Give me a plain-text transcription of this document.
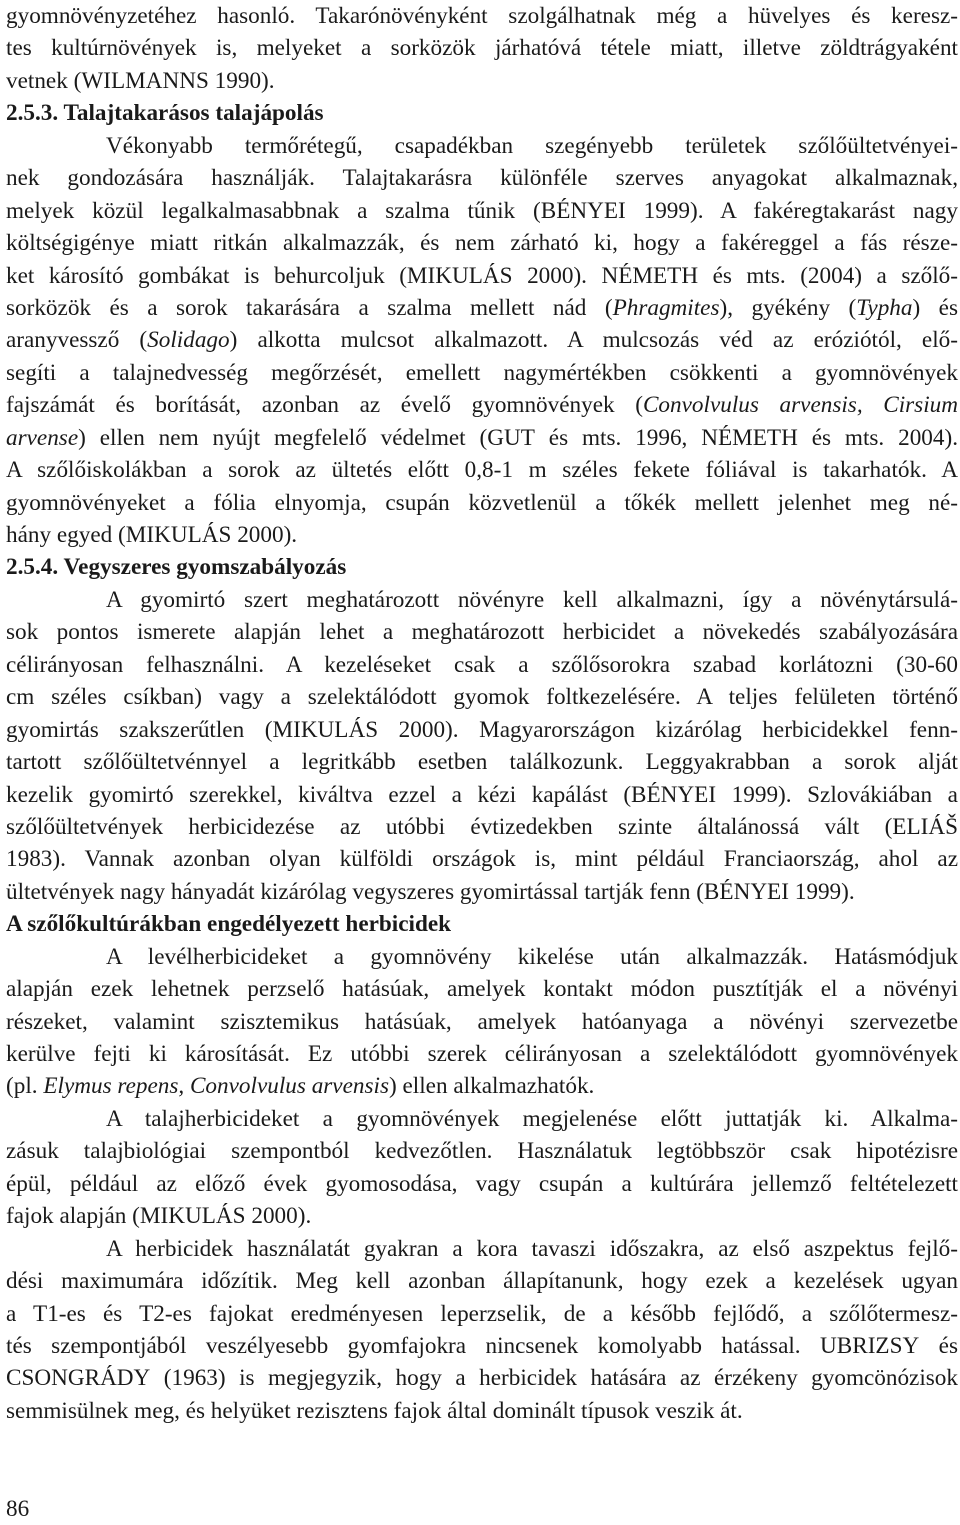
gyomnövényzetéhez hasonló. Takarónövényként szolgálhatnak még a hüvelyes és keresz-
tes kultúrnövények is, melyeket a sorközök járhatóvá tétele miatt, illetve zöldtrágyaként
vetnek (WILMANNS 1990).
2.5.3. Talajtakarásos talajápolás
Vékonyabb termőrétegű, csapadékban szegényebb területek szőlőültetvényei-
nek gondozására használják. Talajtakarásra különféle szerves anyagokat alkalmaznak,
melyek közül legalkalmasabbnak a szalma tűnik (BÉNYEI 1999). A fakéregtakarást nagy
költségigénye miatt ritkán alkalmazzák, és nem zárható ki, hogy a fakéreggel a fás része-
ket károsító gombákat is behurcoljuk (MIKULÁS 2000). NÉMETH és mts. (2004) a szőlő-
sorközök és a sorok takarására a szalma mellett nád (Phragmites), gyékény (Typha) és
aranyvessző (Solidago) alkotta mulcsot alkalmazott. A mulcsozás véd az eróziótól, elő-
segíti a talajnedvesség megőrzését, emellett nagymértékben csökkenti a gyomnövények
fajszámát és borítását, azonban az évelő gyomnövények (Convolvulus arvensis, Cirsium
arvense) ellen nem nyújt megfelelő védelmet (GUT és mts. 1996, NÉMETH és mts. 2004).
A szőlőiskolákban a sorok az ültetés előtt 0,8-1 m széles fekete fóliával is takarhatók. A
gyomnövényeket a fólia elnyomja, csupán közvetlenül a tőkék mellett jelenhet meg né-
hány egyed (MIKULÁS 2000).
2.5.4. Vegyszeres gyomszabályozás
A gyomirtó szert meghatározott növényre kell alkalmazni, így a növénytársulá-
sok pontos ismerete alapján lehet a meghatározott herbicidet a növekedés szabályozására
célirányosan felhasználni. A kezeléseket csak a szőlősorokra szabad korlátozni (30-60
cm széles csíkban) vagy a szelektálódott gyomok foltkezelésére. A teljes felületen történő
gyomirtás szakszerűtlen (MIKULÁS 2000). Magyarországon kizárólag herbicidekkel fenn-
tartott szőlőültetvénnyel a legritkább esetben találkozunk. Leggyakrabban a sorok alját
kezelik gyomirtó szerekkel, kiváltva ezzel a kézi kapálást (BÉNYEI 1999). Szlovákiában a
szőlőültetvények herbicidezése az utóbbi évtizedekben szinte általánossá vált (ELIÁŠ
1983). Vannak azonban olyan külföldi országok is, mint például Franciaország, ahol az
ültetvények nagy hányadát kizárólag vegyszeres gyomirtással tartják fenn (BÉNYEI 1999).
A szőlőkultúrákban engedélyezett herbicidek
A levélherbicideket a gyomnövény kikelése után alkalmazzák. Hatásmódjuk
alapján ezek lehetnek perzselő hatásúak, amelyek kontakt módon pusztítják el a növényi
részeket, valamint szisztemikus hatásúak, amelyek hatóanyaga a növényi szervezetbe
kerülve fejti ki károsítását. Ez utóbbi szerek célirányosan a szelektálódott gyomnövények
(pl. Elymus repens, Convolvulus arvensis) ellen alkalmazhatók.
A talajherbicideket a gyomnövények megjelenése előtt juttatják ki. Alkalma-
zásuk talajbiológiai szempontból kedvezőtlen. Használatuk legtöbbször csak hipotézisre
épül, például az előző évek gyomosodása, vagy csupán a kultúrára jellemző feltételezett
fajok alapján (MIKULÁS 2000).
A herbicidek használatát gyakran a kora tavaszi időszakra, az első aszpektus fejlő-
dési maximumára időzítik. Meg kell azonban állapítanunk, hogy ezek a kezelések ugyan
a T1-es és T2-es fajokat eredményesen leperzselik, de a később fejlődő, a szőlőtermesz-
tés szempontjából veszélyesebb gyomfajokra nincsenek komolyabb hatással. UBRIZSY és
CSONGRÁDY (1963) is megjegyzik, hogy a herbicidek hatására az érzékeny gyomcönózisok
semmisülnek meg, és helyüket rezisztens fajok által dominált típusok veszik át.
86
